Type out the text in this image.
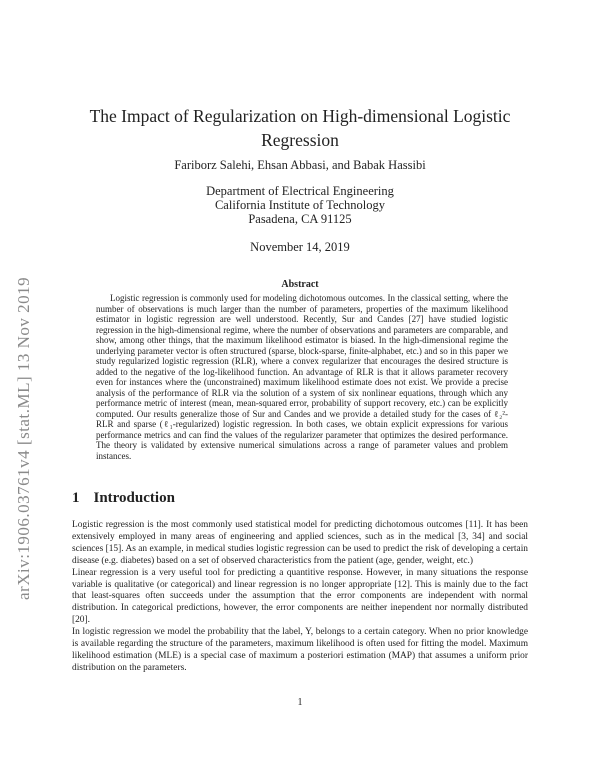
arXiv:1906.03761v4 [stat.ML] 13 Nov 2019
The Impact of Regularization on High-dimensional Logistic
Regression
Fariborz Salehi, Ehsan Abbasi, and Babak Hassibi
Department of Electrical Engineering
California Institute of Technology
Pasadena, CA 91125
November 14, 2019
Abstract

Logistic regression is commonly used for modeling dichotomous outcomes. In the classical setting, where the number of observations is much larger than the number of parameters, properties of the maximum likelihood estimator in logistic regression are well understood. Recently, Sur and Candes [27] have studied logistic regression in the high-dimensional regime, where the number of observations and parameters are comparable, and show, among other things, that the maximum likelihood estimator is biased. In the high-dimensional regime the underlying parameter vector is often structured (sparse, block-sparse, finite-alphabet, etc.) and so in this paper we study regularized logistic regression (RLR), where a convex regularizer that encourages the desired structure is added to the negative of the log-likelihood function. An advantage of RLR is that it allows parameter recovery even for instances where the (unconstrained) maximum likelihood estimate does not exist. We provide a precise analysis of the performance of RLR via the solution of a system of six nonlinear equations, through which any performance metric of interest (mean, mean-squared error, probability of support recovery, etc.) can be explicitly computed. Our results generalize those of Sur and Candes and we provide a detailed study for the cases of ℓ₂²-RLR and sparse (ℓ₁-regularized) logistic regression. In both cases, we obtain explicit expressions for various performance metrics and can find the values of the regularizer parameter that optimizes the desired performance. The theory is validated by extensive numerical simulations across a range of parameter values and problem instances.

1 Introduction

Logistic regression is the most commonly used statistical model for predicting dichotomous outcomes [11]. It has been extensively employed in many areas of engineering and applied sciences, such as in the medical [3, 34] and social sciences [15]. As an example, in medical studies logistic regression can be used to predict the risk of developing a certain disease (e.g. diabetes) based on a set of observed characteristics from the patient (age, gender, weight, etc.)

Linear regression is a very useful tool for predicting a quantitive response. However, in many situations the response variable is qualitative (or categorical) and linear regression is no longer appropriate [12]. This is mainly due to the fact that least-squares often succeeds under the assumption that the error components are independent with normal distribution. In categorical predictions, however, the error components are neither inependent nor normally distributed [20].

In logistic regression we model the probability that the label, Y, belongs to a certain category. When no prior knowledge is available regarding the structure of the parameters, maximum likelihood is often used for fitting the model. Maximum likelihood estimation (MLE) is a special case of maximum a posteriori estimation (MAP) that assumes a uniform prior distribution on the parameters.

1
